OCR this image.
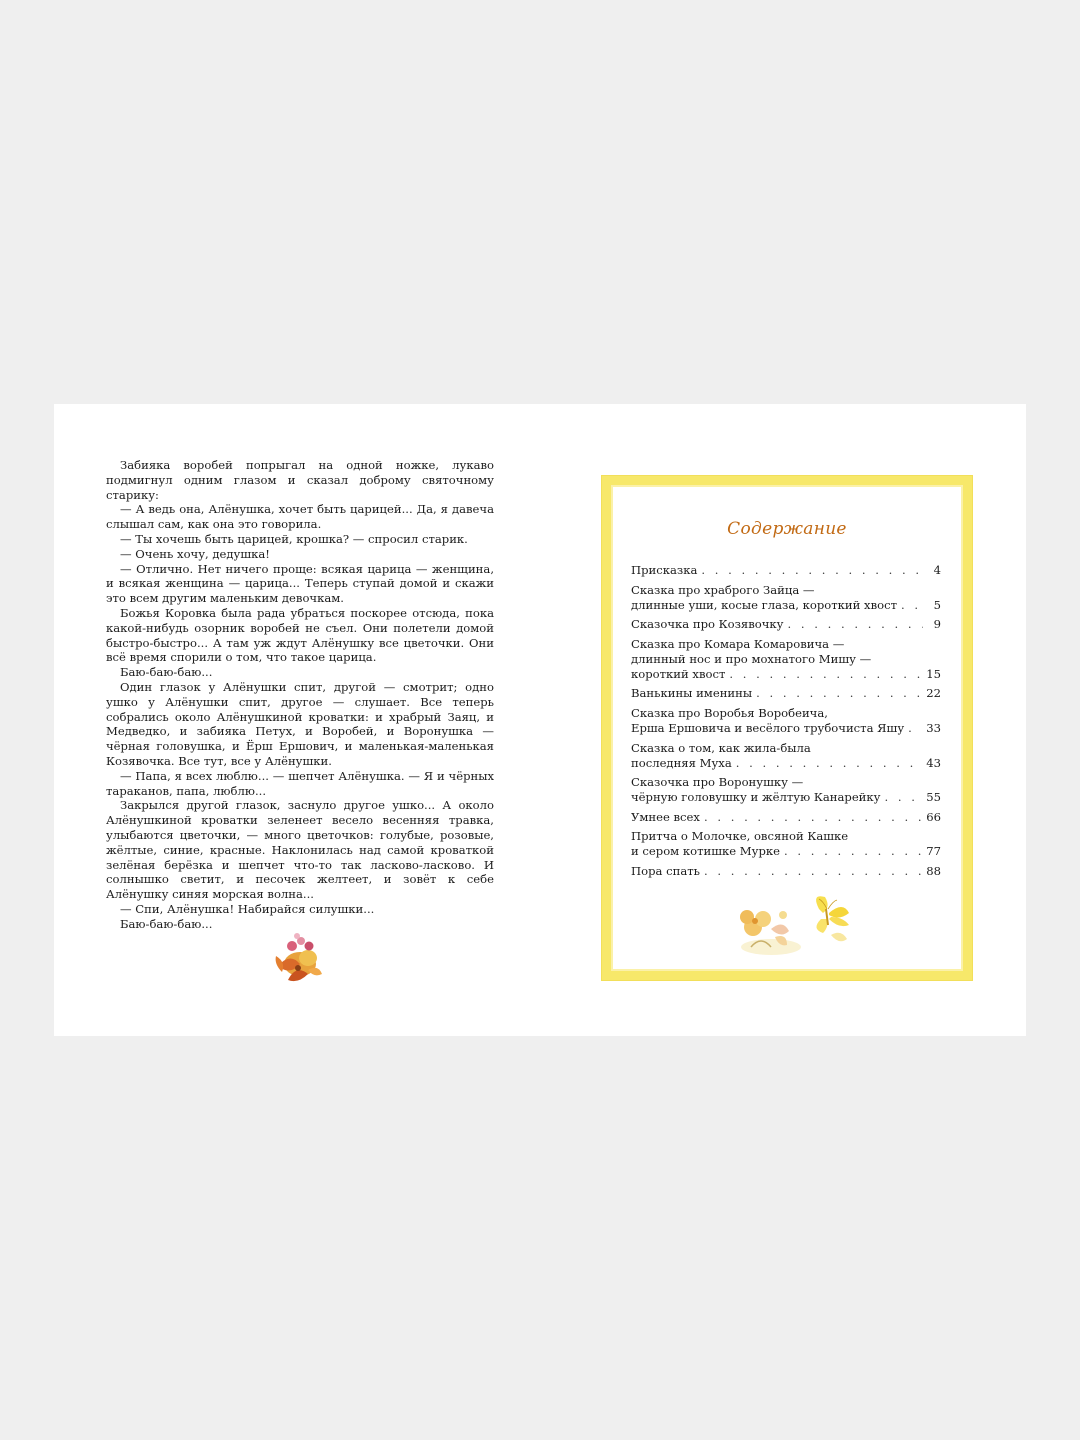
Забияка воробей попрыгал на одной ножке, лукаво подмигнул одним глазом и сказал доброму святочному старику:

— А ведь она, Алёнушка, хочет быть царицей... Да, я давеча слышал сам, как она это говорила.

— Ты хочешь быть царицей, крошка? — спросил старик.

— Очень хочу, дедушка!

— Отлично. Нет ничего проще: всякая царица — женщина, и всякая женщина — царица... Теперь ступай домой и скажи это всем другим маленьким девочкам.

Божья Коровка была рада убраться поскорее отсюда, пока какой-нибудь озорник воробей не съел. Они полетели домой быстро-быстро... А там уж ждут Алёнушку все цветочки. Они всё время спорили о том, что такое царица.

Баю-баю-баю...

Один глазок у Алёнушки спит, другой — смотрит; одно ушко у Алёнушки спит, другое — слушает. Все теперь собрались около Алёнушкиной кроватки: и храбрый Заяц, и Медведко, и забияка Петух, и Воробей, и Воронушка — чёрная головушка, и Ёрш Ершович, и маленькая-маленькая Козявочка. Все тут, все у Алёнушки.

— Папа, я всех люблю... — шепчет Алёнушка. — Я и чёрных тараканов, папа, люблю...

Закрылся другой глазок, заснуло другое ушко... А около Алёнушкиной кроватки зеленеет весело весенняя травка, улыбаются цветочки, — много цветочков: голубые, розовые, жёлтые, синие, красные. Наклонилась над самой кроваткой зелёная берёзка и шепчет что-то так ласково-ласково. И солнышко светит, и песочек желтеет, и зовёт к себе Алёнушку синяя морская волна...

— Спи, Алёнушка! Набирайся силушки...

Баю-баю-баю...

Содержание
Присказка . . .	4
Сказка про храброго Зайца —
длинные уши, косые глаза, короткий хвост . . .	5
Сказочка про Козявочку . . .	9
Сказка про Комара Комаровича —
длинный нос и про мохнатого Мишу —
короткий хвост . . .	15
Ванькины именины . . .	22
Сказка про Воробья Воробеича,
Ерша Ершовича и весёлого трубочиста Яшу . . . 33
Сказка о том, как жила-была
последняя Муха . . .	43
Сказочка про Воронушку —
чёрную головушку и жёлтую Канарейку . . .	55
Умнее всех . . .	66
Притча о Молочке, овсяной Кашке
и сером котишке Мурке . . .	77
Пора спать . . .	88
